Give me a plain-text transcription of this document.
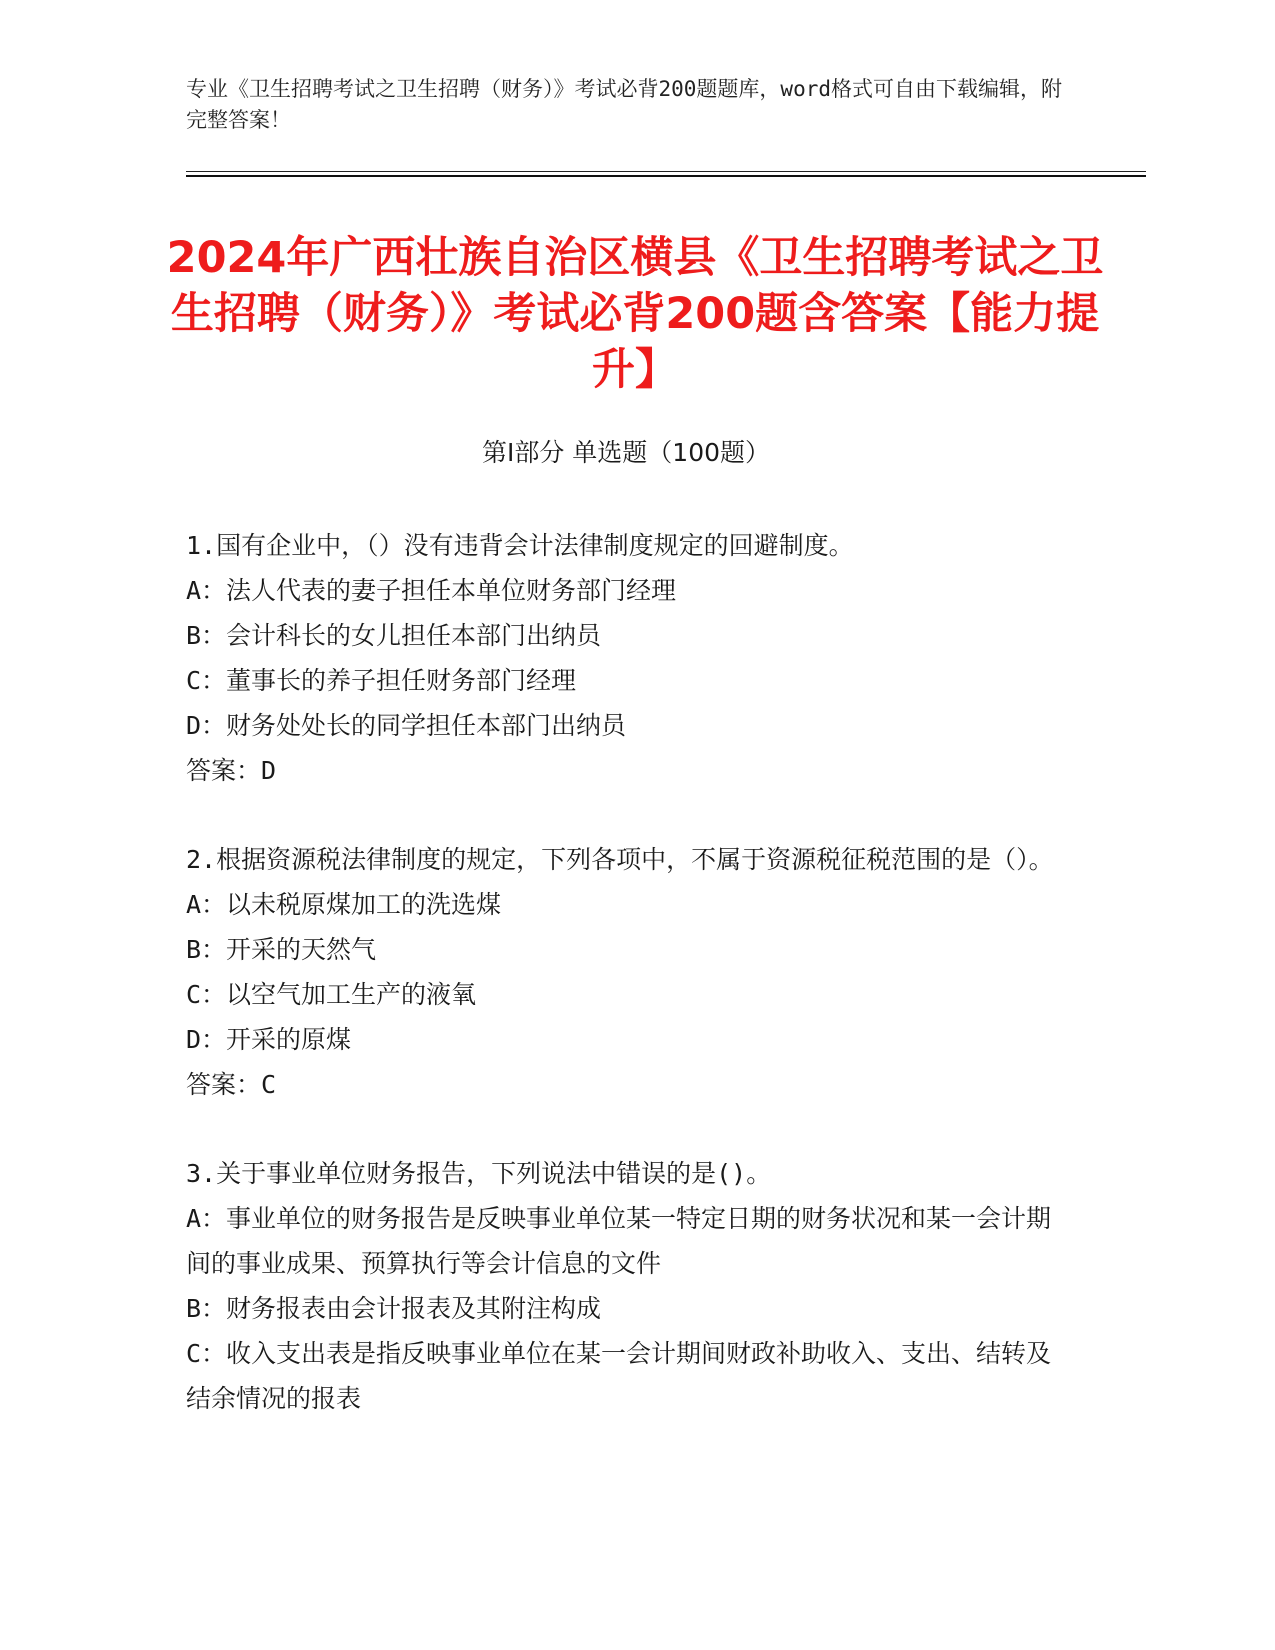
专业《卫生招聘考试之卫生招聘（财务）》考试必背200题题库，word格式可自由下载编辑，附完整答案！
2024年广西壮族自治区横县《卫生招聘考试之卫生招聘（财务）》考试必背200题含答案【能力提升】
第Ⅰ部分 单选题（100题）

1.国有企业中，（）没有违背会计法律制度规定的回避制度。

A：法人代表的妻子担任本单位财务部门经理

B：会计科长的女儿担任本部门出纳员

C：董事长的养子担任财务部门经理

D：财务处处长的同学担任本部门出纳员

答案：D

2.根据资源税法律制度的规定，下列各项中，不属于资源税征税范围的是（）。

A：以未税原煤加工的洗选煤

B：开采的天然气

C：以空气加工生产的液氧

D：开采的原煤

答案：C

3.关于事业单位财务报告，下列说法中错误的是()。

A：事业单位的财务报告是反映事业单位某一特定日期的财务状况和某一会计期间的事业成果、预算执行等会计信息的文件

B：财务报表由会计报表及其附注构成

C：收入支出表是指反映事业单位在某一会计期间财政补助收入、支出、结转及结余情况的报表
